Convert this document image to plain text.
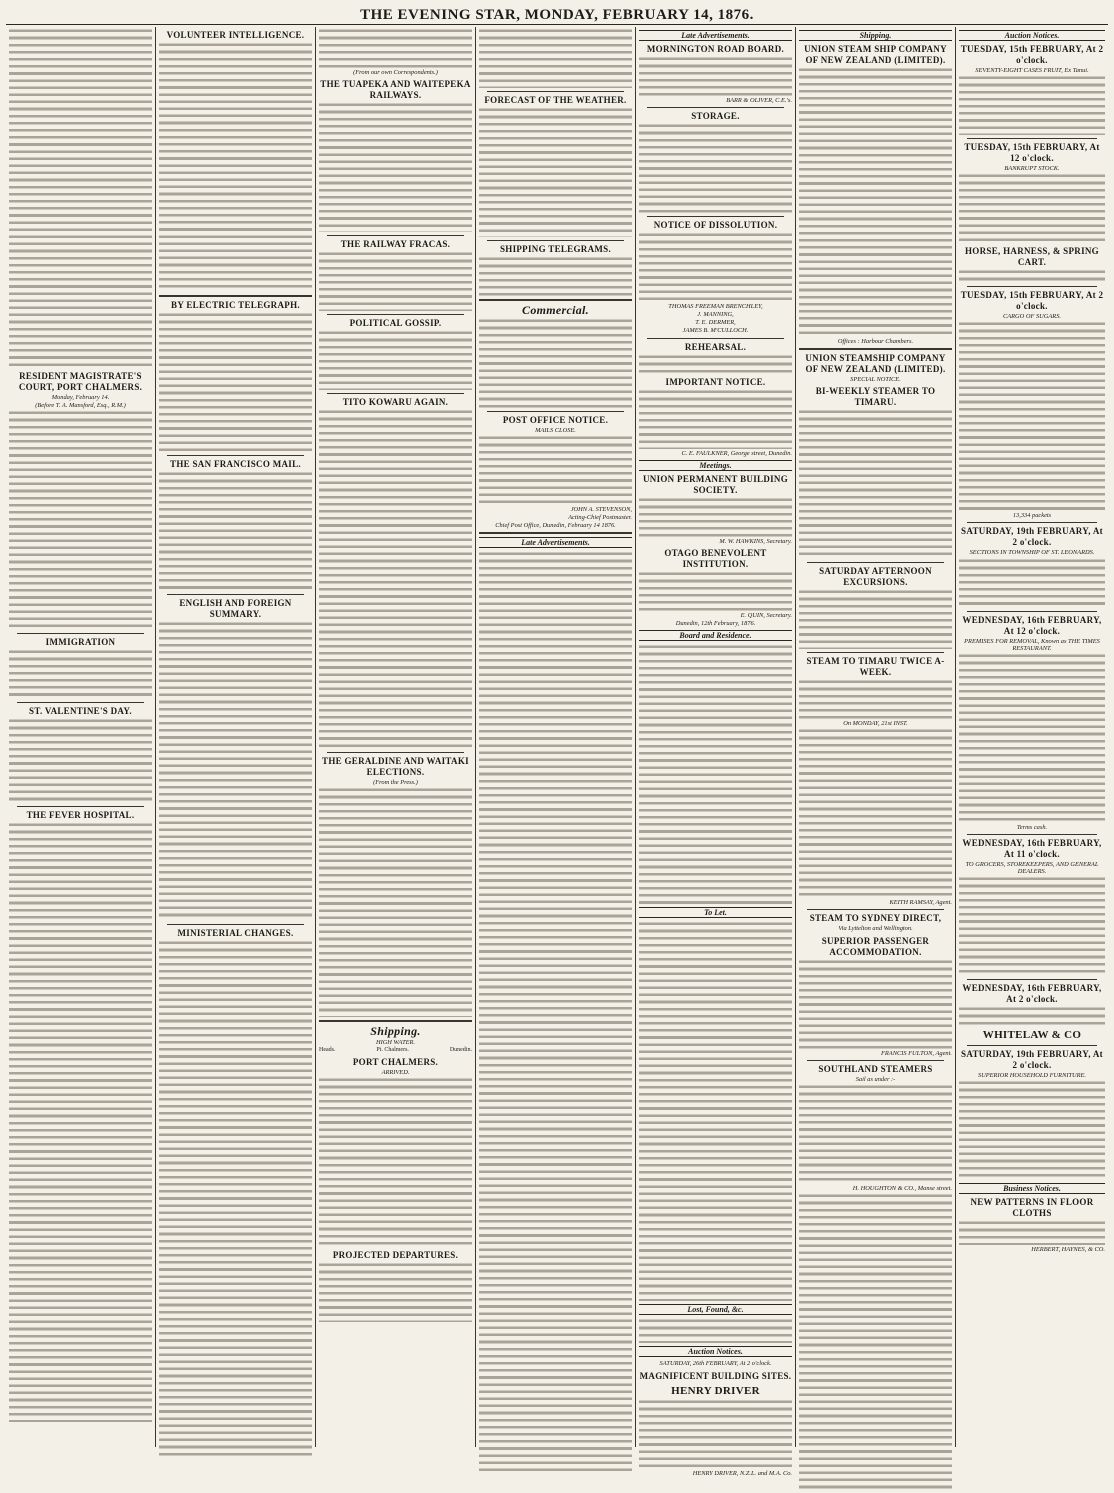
THE EVENING STAR, MONDAY, FEBRUARY 14, 1876.
RESIDENT MAGISTRATE'S COURT, PORT CHALMERS.
Monday, February 14.
(Before T. A. Mansford, Esq., R.M.)
IMMIGRATION
ST. VALENTINE'S DAY.
THE FEVER HOSPITAL.
VOLUNTEER INTELLIGENCE.
BY ELECTRIC TELEGRAPH.
THE SAN FRANCISCO MAIL.
ENGLISH AND FOREIGN SUMMARY.
MINISTERIAL CHANGES.
(From our own Correspondents.)
THE TUAPEKA AND WAITEPEKA RAILWAYS.
THE RAILWAY FRACAS.
POLITICAL GOSSIP.
TITO KOWARU AGAIN.
THE GERALDINE AND WAITAKI ELECTIONS.
(From the Press.)
Shipping.
HIGH WATER.
Heads.	Pt. Chalmers.	Dunedin.
PORT CHALMERS.
ARRIVED.
PROJECTED DEPARTURES.
FORECAST OF THE WEATHER.
SHIPPING TELEGRAMS.
Commercial.
POST OFFICE NOTICE.
MAILS CLOSE.
JOHN A. STEVENSON,
Acting-Chief Postmaster.
Chief Post Office, Dunedin, February 14 1876.
Late Advertisements.
Late Advertisements.
MORNINGTON ROAD BOARD.
BARR & OLIVER, C.E.'s.
STORAGE.
NOTICE OF DISSOLUTION.
THOMAS FREEMAN BRENCHLEY,
J. MANNING,
T. E. DERMER,
JAMES B. M'CULLOCH.
REHEARSAL.
IMPORTANT NOTICE.
C. E. FAULKNER, George street, Dunedin.
Meetings.
UNION PERMANENT BUILDING SOCIETY.
M. W. HAWKINS, Secretary.
OTAGO BENEVOLENT INSTITUTION.
E. QUIN, Secretary.
Dunedin, 12th February, 1876.
Board and Residence.
To Let.
Lost, Found, &c.
Auction Notices.
SATURDAY, 26th FEBRUARY, At 2 o'clock.
MAGNIFICENT BUILDING SITES.
HENRY DRIVER
HENRY DRIVER, N.Z.L. and M.A. Co.
Shipping.
UNION STEAM SHIP COMPANY OF NEW ZEALAND (LIMITED).
Offices : Harbour Chambers.
UNION STEAMSHIP COMPANY OF NEW ZEALAND (LIMITED).
SPECIAL NOTICE.
BI-WEEKLY STEAMER TO TIMARU.
SATURDAY AFTERNOON EXCURSIONS.
STEAM TO TIMARU TWICE A-WEEK.
On MONDAY, 21st INST.
KEITH RAMSAY, Agent.
STEAM TO SYDNEY DIRECT,
Via Lyttelton and Wellington.
SUPERIOR PASSENGER ACCOMMODATION.
FRANCIS FULTON, Agent.
SOUTHLAND STEAMERS
Sail as under :-
H. HOUGHTON & CO., Manse street.
Auction Notices.
TUESDAY, 15th FEBRUARY, At 2 o'clock.
SEVENTY-EIGHT CASES FRUIT, Ex Tanui.
TUESDAY, 15th FEBRUARY, At 12 o'clock.
BANKRUPT STOCK.
HORSE, HARNESS, & SPRING CART.
TUESDAY, 15th FEBRUARY, At 2 o'clock.
CARGO OF SUGARS.
13,334 packets
SATURDAY, 19th FEBRUARY, At 2 o'clock.
SECTIONS IN TOWNSHIP OF ST. LEONARDS.
WEDNESDAY, 16th FEBRUARY, At 12 o'clock.
PREMISES FOR REMOVAL, Known as THE TIMES RESTAURANT.
Terms cash.
WEDNESDAY, 16th FEBRUARY, At 11 o'clock.
TO GROCERS, STOREKEEPERS, AND GENERAL DEALERS.
WEDNESDAY, 16th FEBRUARY, At 2 o'clock.
WHITELAW & CO
SATURDAY, 19th FEBRUARY, At 2 o'clock.
SUPERIOR HOUSEHOLD FURNITURE.
Business Notices.
NEW PATTERNS IN FLOOR CLOTHS
HERBERT, HAYNES, & CO.
